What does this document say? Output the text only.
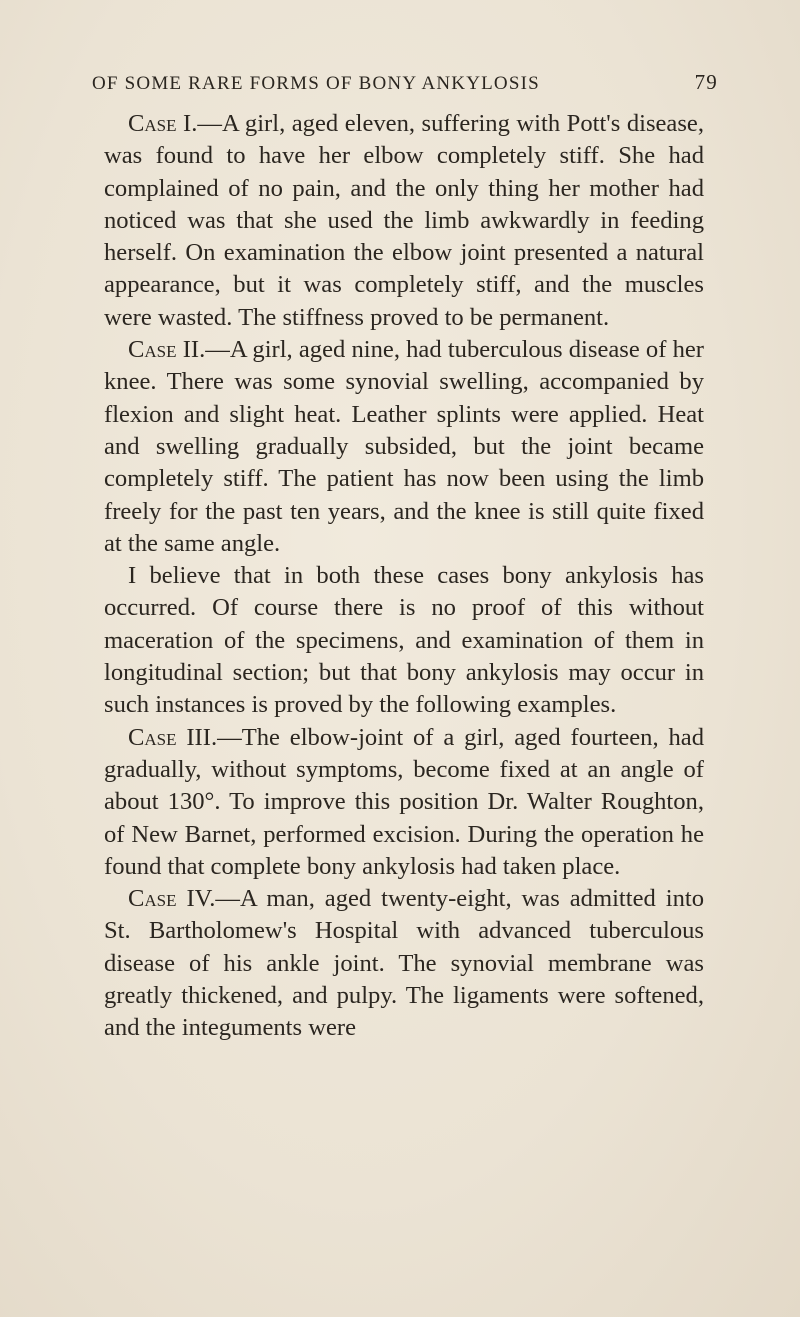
OF SOME RARE FORMS OF BONY ANKYLOSIS	79

Case I.—A girl, aged eleven, suffering with Pott's disease, was found to have her elbow completely stiff. She had complained of no pain, and the only thing her mother had noticed was that she used the limb awkwardly in feeding herself. On examination the elbow joint presented a natural appearance, but it was completely stiff, and the muscles were wasted. The stiffness proved to be permanent.

Case II.—A girl, aged nine, had tuberculous disease of her knee. There was some synovial swelling, accompanied by flexion and slight heat. Leather splints were applied. Heat and swelling gradually subsided, but the joint became completely stiff. The patient has now been using the limb freely for the past ten years, and the knee is still quite fixed at the same angle.

I believe that in both these cases bony ankylosis has occurred. Of course there is no proof of this without maceration of the specimens, and examination of them in longitudinal section; but that bony ankylosis may occur in such instances is proved by the following examples.

Case III.—The elbow-joint of a girl, aged fourteen, had gradually, without symptoms, become fixed at an angle of about 130°. To improve this position Dr. Walter Roughton, of New Barnet, performed excision. During the operation he found that complete bony ankylosis had taken place.

Case IV.—A man, aged twenty-eight, was admitted into St. Bartholomew's Hospital with advanced tuberculous disease of his ankle joint. The synovial membrane was greatly thickened, and pulpy. The ligaments were softened, and the integuments were
